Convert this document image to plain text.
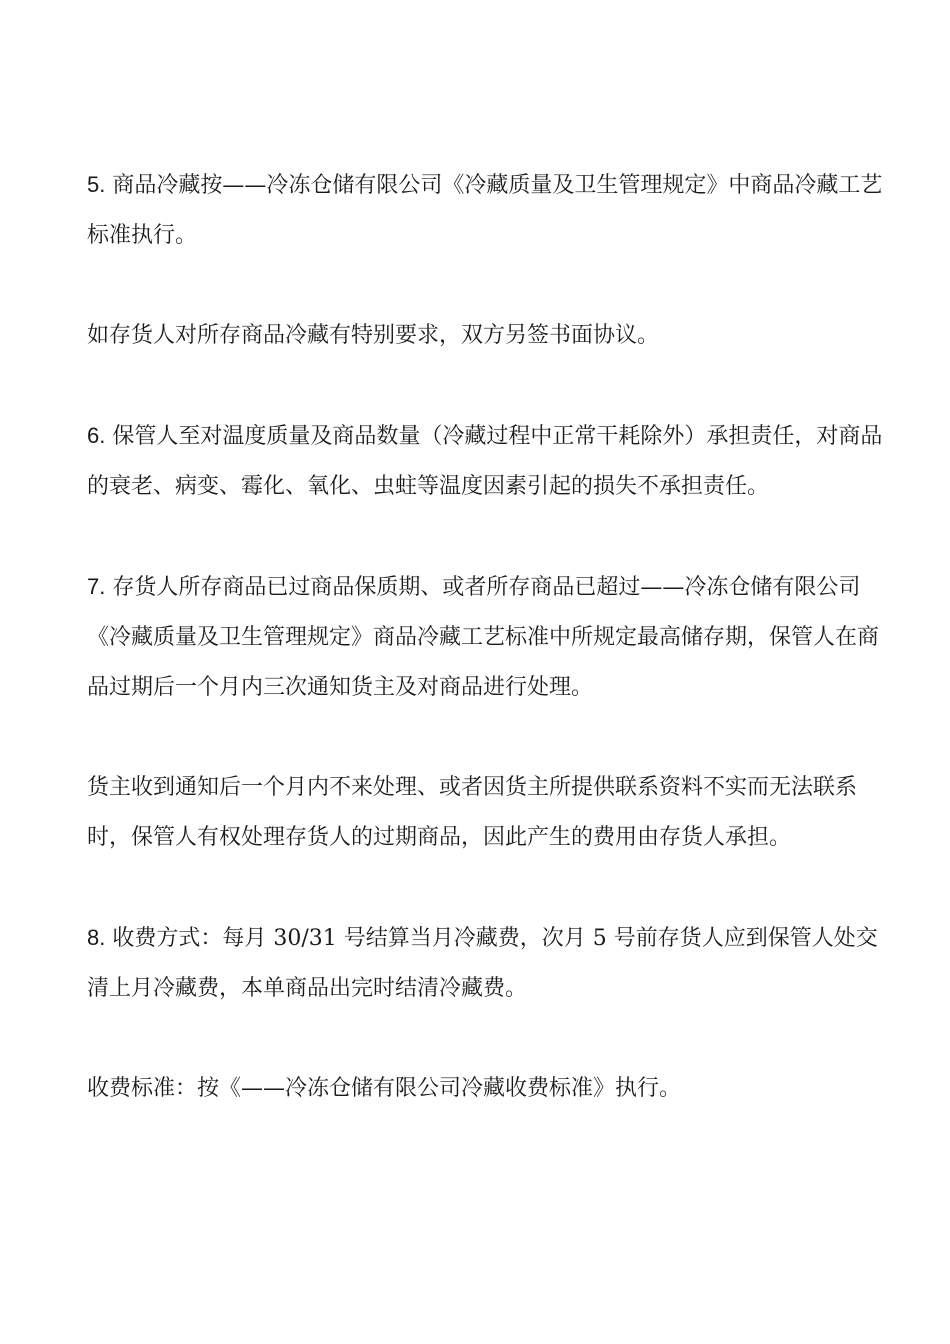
5. 商品冷藏按——冷冻仓储有限公司《冷藏质量及卫生管理规定》中商品冷藏工艺标准执行。

如存货人对所存商品冷藏有特别要求，双方另签书面协议。

6. 保管人至对温度质量及商品数量（冷藏过程中正常干耗除外）承担责任，对商品的衰老、病变、霉化、氧化、虫蛀等温度因素引起的损失不承担责任。

7. 存货人所存商品已过商品保质期、或者所存商品已超过——冷冻仓储有限公司《冷藏质量及卫生管理规定》商品冷藏工艺标准中所规定最高储存期，保管人在商品过期后一个月内三次通知货主及对商品进行处理。

货主收到通知后一个月内不来处理、或者因货主所提供联系资料不实而无法联系时，保管人有权处理存货人的过期商品，因此产生的费用由存货人承担。

8. 收费方式：每月 30/31 号结算当月冷藏费，次月 5 号前存货人应到保管人处交清上月冷藏费，本单商品出完时结清冷藏费。

收费标准：按《——冷冻仓储有限公司冷藏收费标准》执行。
